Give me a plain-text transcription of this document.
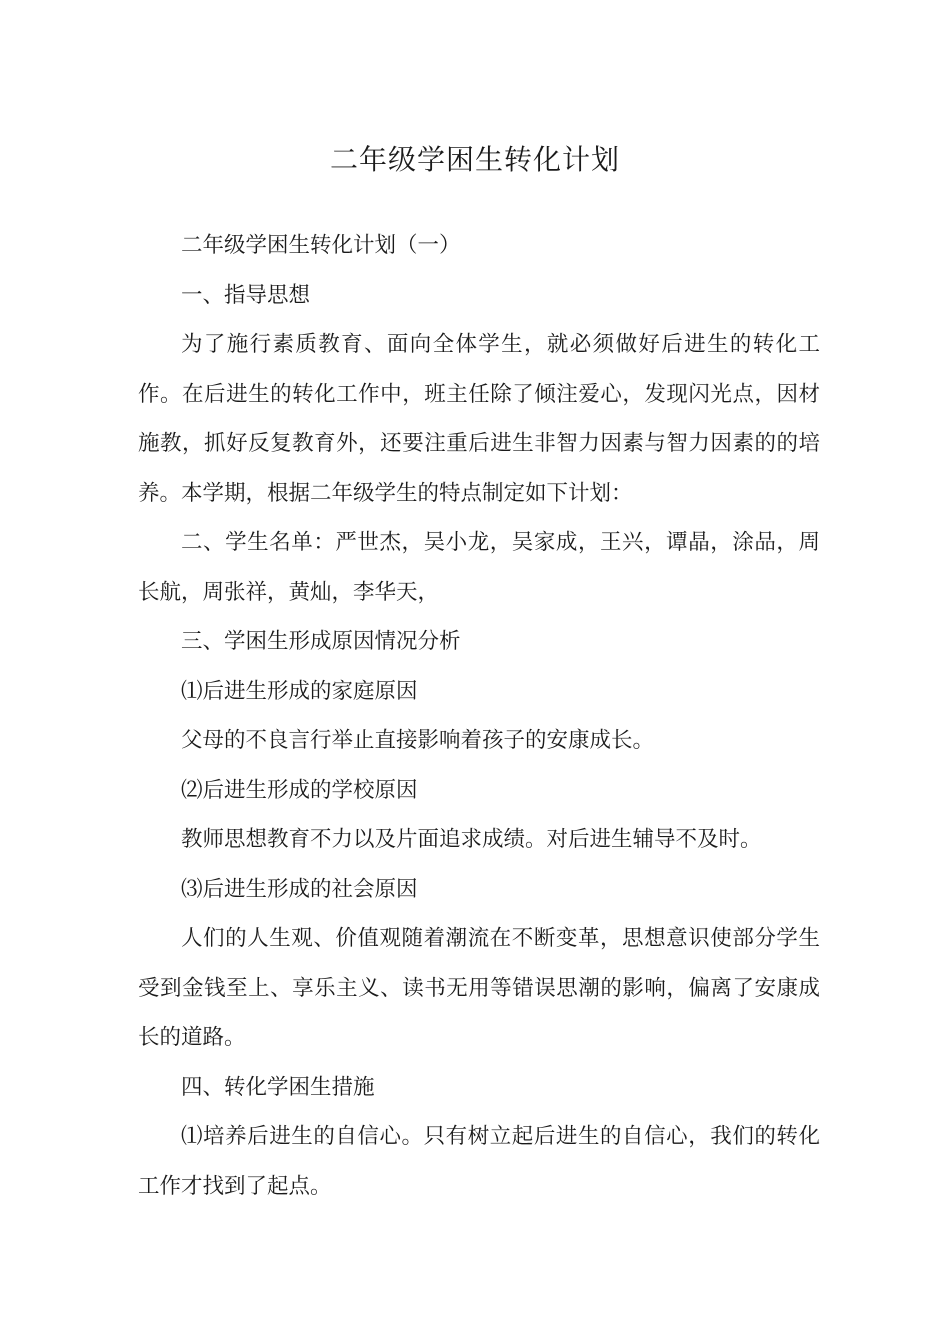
二年级学困生转化计划

二年级学困生转化计划（一）

一、指导思想

为了施行素质教育、面向全体学生，就必须做好后进生的转化工作。在后进生的转化工作中，班主任除了倾注爱心，发现闪光点，因材施教，抓好反复教育外，还要注重后进生非智力因素与智力因素的的培养。本学期，根据二年级学生的特点制定如下计划：

二、学生名单：严世杰，吴小龙，吴家成，王兴，谭晶，涂品，周长航，周张祥，黄灿，李华天，

三、学困生形成原因情况分析

⑴后进生形成的家庭原因

父母的不良言行举止直接影响着孩子的安康成长。

⑵后进生形成的学校原因

教师思想教育不力以及片面追求成绩。对后进生辅导不及时。

⑶后进生形成的社会原因

人们的人生观、价值观随着潮流在不断变革，思想意识使部分学生受到金钱至上、享乐主义、读书无用等错误思潮的影响，偏离了安康成长的道路。

四、转化学困生措施

⑴培养后进生的自信心。只有树立起后进生的自信心，我们的转化工作才找到了起点。
